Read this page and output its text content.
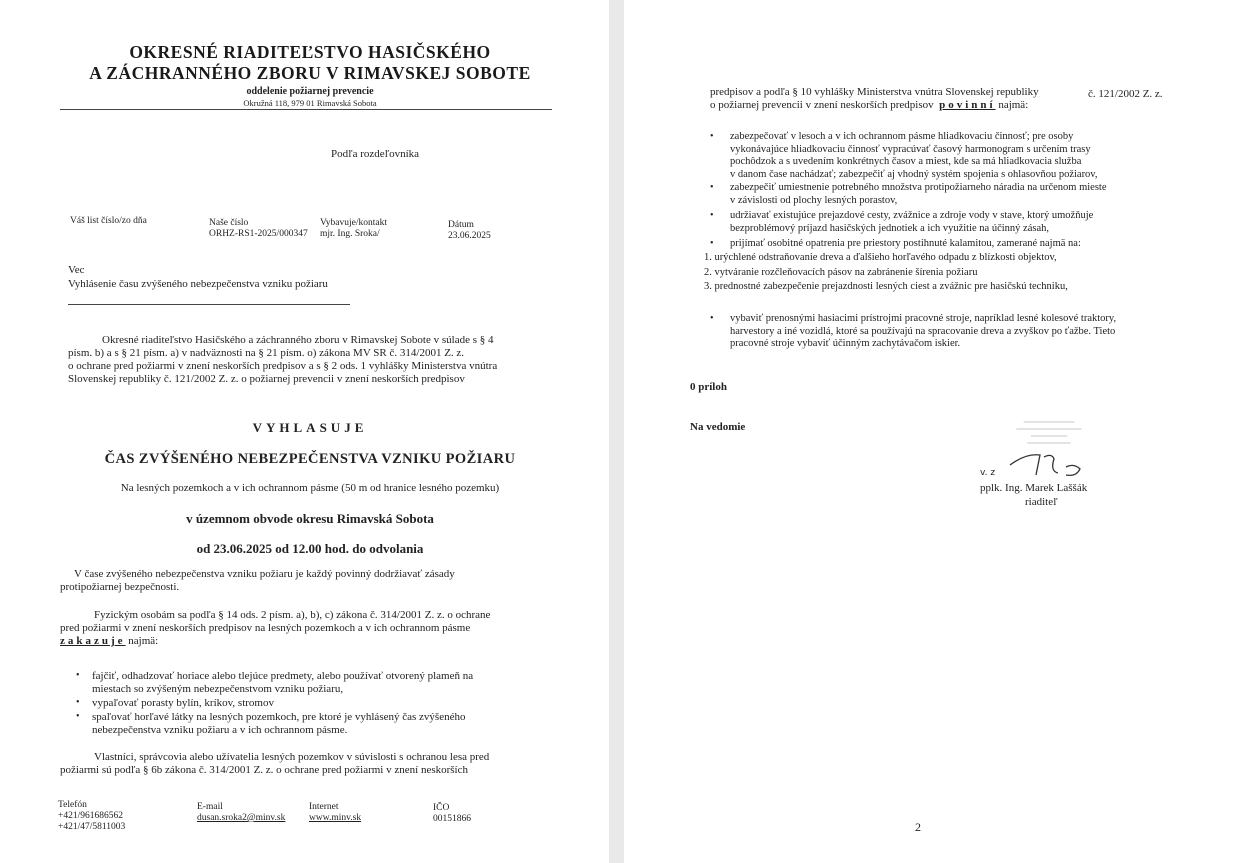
OKRESNÉ RIADITEĽSTVO HASIČSKÉHO
A ZÁCHRANNÉHO ZBORU V RIMAVSKEJ SOBOTE
oddelenie požiarnej prevencie
Okružná 118, 979 01 Rimavská Sobota
Podľa rozdeľovníka
Váš list číslo/zo dňa	Naše číslo
ORHZ-RS1-2025/000347
Vybavuje/kontakt
mjr. Ing. Sroka/
Dátum
23.06.2025
Vec
Vyhlásenie času zvýšeného nebezpečenstva vzniku požiaru
Okresné riaditeľstvo Hasičského a záchranného zboru v Rimavskej Sobote v súlade s § 4
písm. b) a s § 21 písm. a) v nadväznosti na § 21 písm. o) zákona MV SR č. 314/2001 Z. z.
o ochrane pred požiarmi v znení neskorších predpisov a s § 2 ods. 1 vyhlášky Ministerstva vnútra
Slovenskej republiky č. 121/2002 Z. z. o požiarnej prevencii v znení neskorších predpisov
VYHLASUJE
ČAS ZVÝŠENÉHO NEBEZPEČENSTVA VZNIKU POŽIARU
Na lesných pozemkoch a v ich ochrannom pásme (50 m od hranice lesného pozemku)
v územnom obvode okresu Rimavská Sobota
od 23.06.2025 od 12.00 hod. do odvolania
V čase zvýšeného nebezpečenstva vzniku požiaru je každý povinný dodržiavať zásady
protipožiarnej bezpečnosti.
Fyzickým osobám sa podľa § 14 ods. 2 písm. a), b), c) zákona č. 314/2001 Z. z. o ochrane
pred požiarmi v znení neskorších predpisov na lesných pozemkoch a v ich ochrannom pásme
zakazuje najmä:
• fajčiť, odhadzovať horiace alebo tlejúce predmety, alebo používať otvorený plameň na
miestach so zvýšeným nebezpečenstvom vzniku požiaru,
• vypaľovať porasty bylín, kríkov, stromov
• spaľovať horľavé látky na lesných pozemkoch, pre ktoré je vyhlásený čas zvýšeného
nebezpečenstva vzniku požiaru a v ich ochrannom pásme.
Vlastníci, správcovia alebo užívatelia lesných pozemkov v súvislosti s ochranou lesa pred
požiarmi sú podľa § 6b zákona č. 314/2001 Z. z. o ochrane pred požiarmi v znení neskorších
Telefón
+421/961686562
+421/47/5811003
E-mail
dusan.sroka2@minv.sk
Internet
www.minv.sk
IČO
00151866
predpisov a podľa § 10 vyhlášky Ministerstva vnútra Slovenskej republiky
o požiarnej prevencii v znení neskorších predpisov povinní najmä:
č. 121/2002 Z. z.
• zabezpečovať v lesoch a v ich ochrannom pásme hliadkovaciu činnosť; pre osoby
vykonávajúce hliadkovaciu činnosť vypracúvať časový harmonogram s určením trasy
pochôdzok a s uvedením konkrétnych časov a miest, kde sa má hliadkovacia služba
v danom čase nachádzať; zabezpečiť aj vhodný systém spojenia s ohlasovňou požiarov,
• zabezpečiť umiestnenie potrebného množstva protipožiarneho náradia na určenom mieste
v závislosti od plochy lesných porastov,
• udržiavať existujúce prejazdové cesty, zvážnice a zdroje vody v stave, ktorý umožňuje
bezproblémový príjazd hasičských jednotiek a ich využitie na účinný zásah,
• prijímať osobitné opatrenia pre priestory postihnuté kalamitou, zamerané najmä na:
1. urýchlené odstraňovanie dreva a ďalšieho horľavého odpadu z blízkosti objektov,
2. vytváranie rozčleňovacích pásov na zabránenie šírenia požiaru
3. prednostné zabezpečenie prejazdnosti lesných ciest a zvážnic pre hasičskú techniku,
• vybaviť prenosnými hasiacimi prístrojmi pracovné stroje, napríklad lesné kolesové traktory,
harvestory a iné vozidlá, ktoré sa používajú na spracovanie dreva a zvyškov po ťažbe. Tieto
pracovné stroje vybaviť účinným zachytávačom iskier.
0 príloh
Na vedomie	━━━━━━━━━━━━━━
━━━━━━━━━━━━━━━━━━
━━━━━━━━━━
━━━━━━━━━━━━
v. z
pplk. Ing. Marek Laššák
riaditeľ
2
